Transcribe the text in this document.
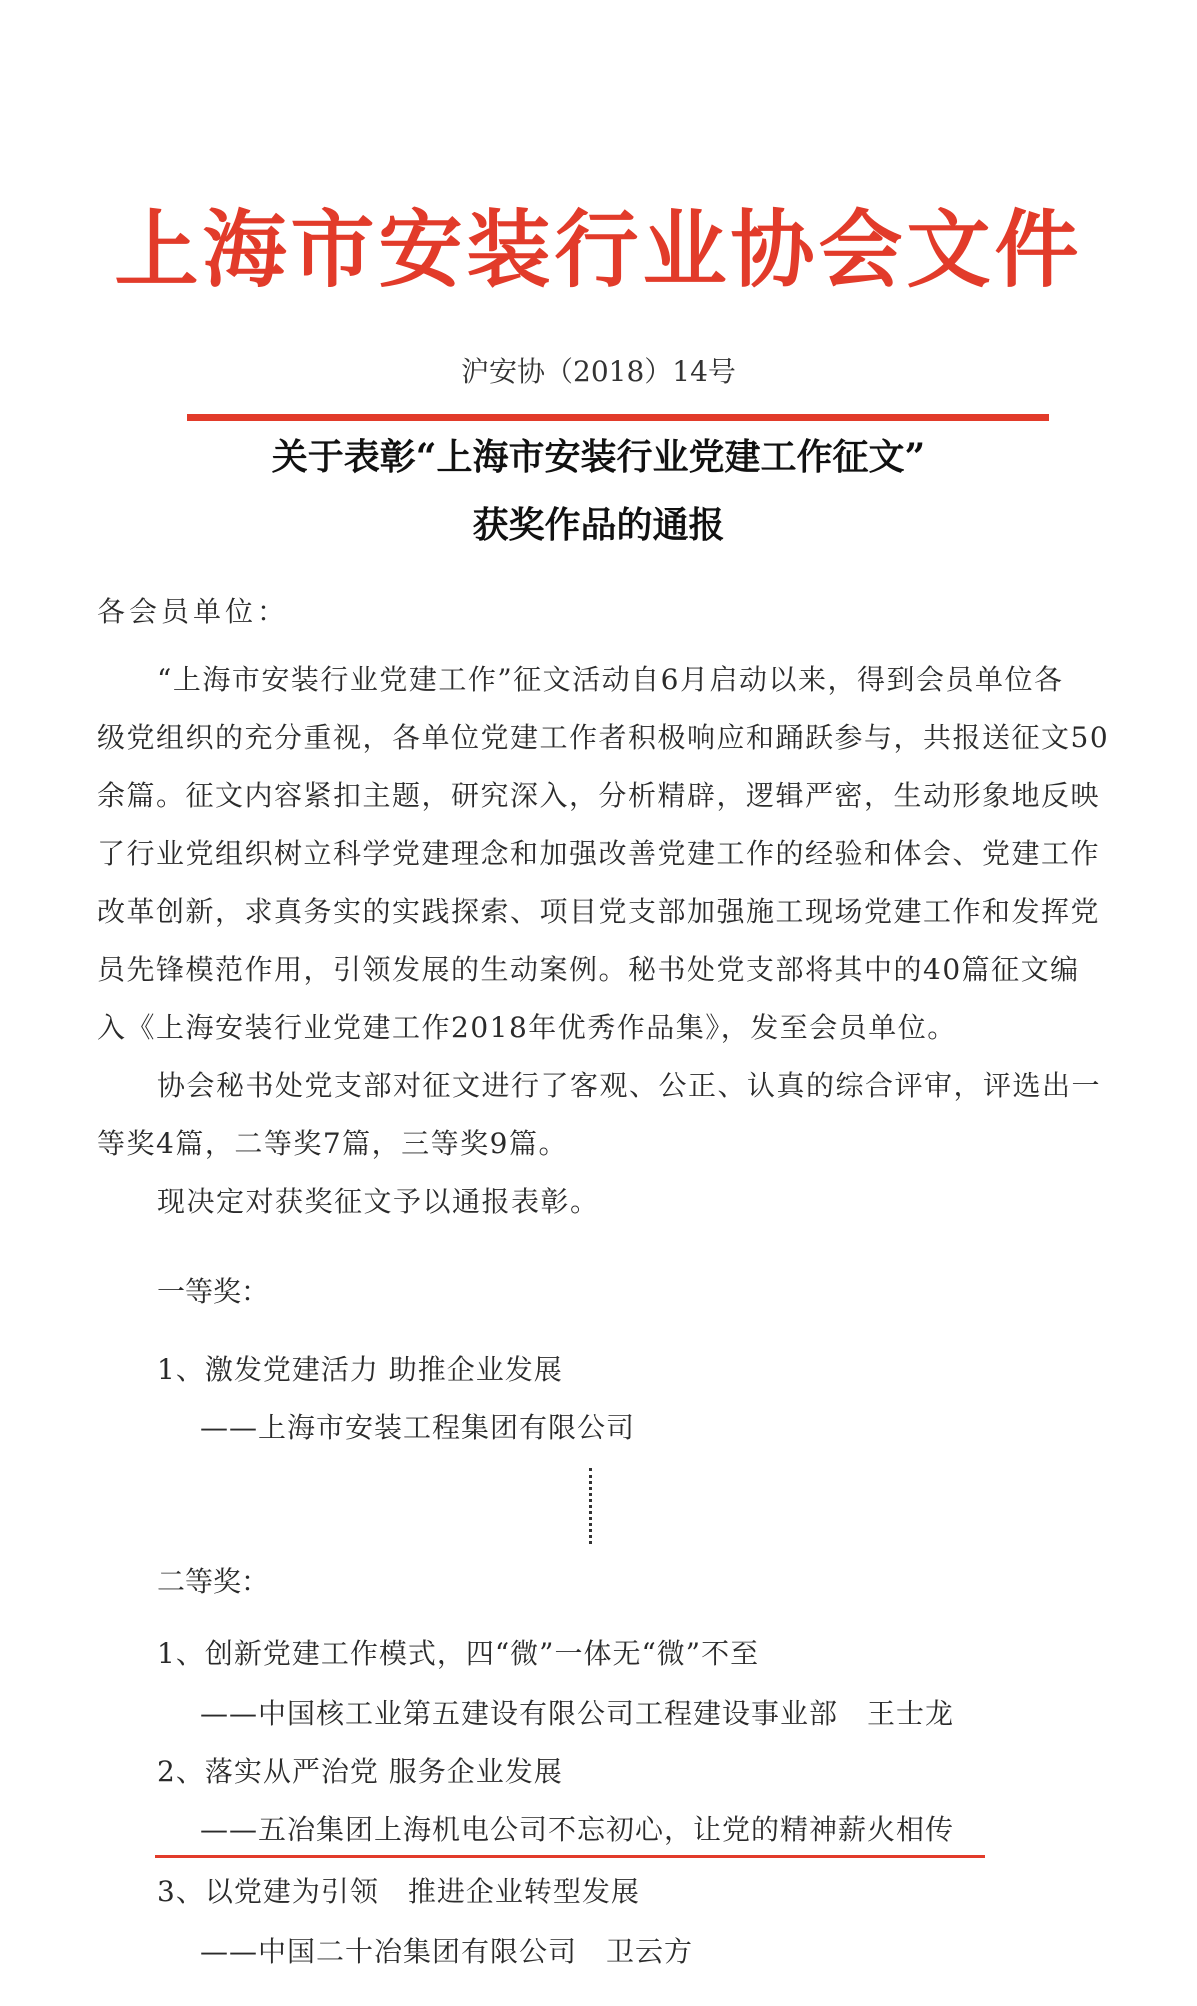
上海市安装行业协会文件
沪安协（2018）14号
关于表彰“上海市安装行业党建工作征文”
获奖作品的通报
各会员单位：
“上海市安装行业党建工作”征文活动自6月启动以来，得到会员单位各
级党组织的充分重视，各单位党建工作者积极响应和踊跃参与，共报送征文50
余篇。征文内容紧扣主题，研究深入，分析精辟，逻辑严密，生动形象地反映
了行业党组织树立科学党建理念和加强改善党建工作的经验和体会、党建工作
改革创新，求真务实的实践探索、项目党支部加强施工现场党建工作和发挥党
员先锋模范作用，引领发展的生动案例。秘书处党支部将其中的40篇征文编
入《上海安装行业党建工作2018年优秀作品集》，发至会员单位。
协会秘书处党支部对征文进行了客观、公正、认真的综合评审，评选出一
等奖4篇，二等奖7篇，三等奖9篇。
现决定对获奖征文予以通报表彰。
一等奖：
1、激发党建活力 助推企业发展
——上海市安装工程集团有限公司
二等奖：
1、创新党建工作模式，四“微”一体无“微”不至
——中国核工业第五建设有限公司工程建设事业部　王士龙
2、落实从严治党 服务企业发展
——五冶集团上海机电公司不忘初心，让党的精神薪火相传
3、以党建为引领　推进企业转型发展
——中国二十冶集团有限公司　卫云方
